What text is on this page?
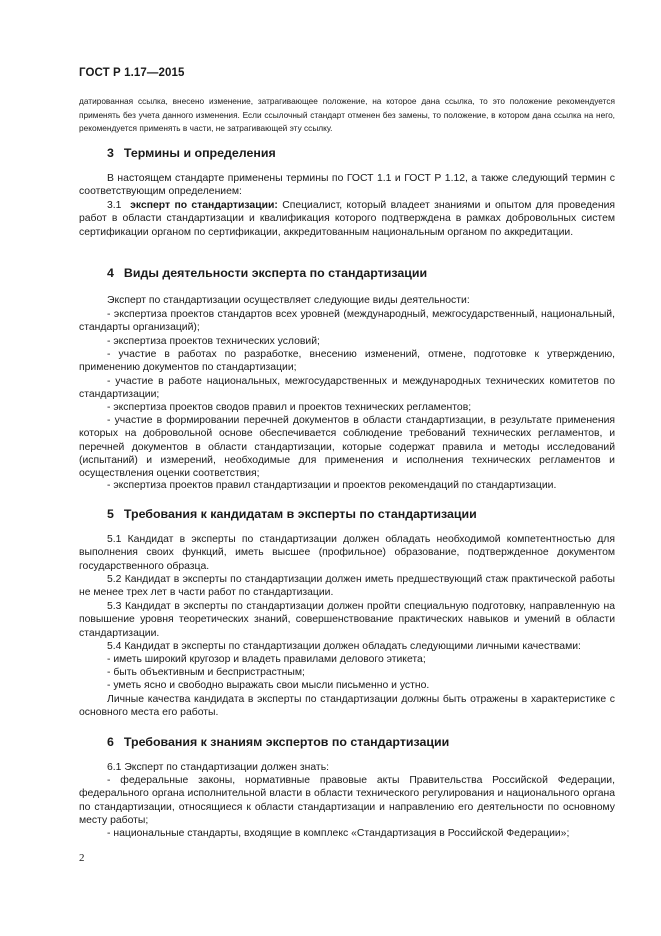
ГОСТ Р 1.17—2015
датированная ссылка, внесено изменение, затрагивающее положение, на которое дана ссылка, то это положение рекомендуется применять без учета данного изменения. Если ссылочный стандарт отменен без замены, то положение, в котором дана ссылка на него, рекомендуется применять в части, не затрагивающей эту ссылку.
3 Термины и определения
В настоящем стандарте применены термины по ГОСТ 1.1 и ГОСТ Р 1.12, а также следующий термин с соответствующим определением:
3.1 эксперт по стандартизации: Специалист, который владеет знаниями и опытом для проведения работ в области стандартизации и квалификация которого подтверждена в рамках добровольных систем сертификации органом по сертификации, аккредитованным национальным органом по аккредитации.
4 Виды деятельности эксперта по стандартизации
Эксперт по стандартизации осуществляет следующие виды деятельности:
- экспертиза проектов стандартов всех уровней (международный, межгосударственный, национальный, стандарты организаций);
- экспертиза проектов технических условий;
- участие в работах по разработке, внесению изменений, отмене, подготовке к утверждению, применению документов по стандартизации;
- участие в работе национальных, межгосударственных и международных технических комитетов по стандартизации;
- экспертиза проектов сводов правил и проектов технических регламентов;
- участие в формировании перечней документов в области стандартизации, в результате применения которых на добровольной основе обеспечивается соблюдение требований технических регламентов, и перечней документов в области стандартизации, которые содержат правила и методы исследований (испытаний) и измерений, необходимые для применения и исполнения технических регламентов и осуществления оценки соответствия;
- экспертиза проектов правил стандартизации и проектов рекомендаций по стандартизации.
5 Требования к кандидатам в эксперты по стандартизации
5.1 Кандидат в эксперты по стандартизации должен обладать необходимой компетентностью для выполнения своих функций, иметь высшее (профильное) образование, подтвержденное документом государственного образца.
5.2 Кандидат в эксперты по стандартизации должен иметь предшествующий стаж практической работы не менее трех лет в части работ по стандартизации.
5.3 Кандидат в эксперты по стандартизации должен пройти специальную подготовку, направленную на повышение уровня теоретических знаний, совершенствование практических навыков и умений в области стандартизации.
5.4 Кандидат в эксперты по стандартизации должен обладать следующими личными качествами:
- иметь широкий кругозор и владеть правилами делового этикета;
- быть объективным и беспристрастным;
- уметь ясно и свободно выражать свои мысли письменно и устно.
Личные качества кандидата в эксперты по стандартизации должны быть отражены в характеристике с основного места его работы.
6 Требования к знаниям экспертов по стандартизации
6.1 Эксперт по стандартизации должен знать:
- федеральные законы, нормативные правовые акты Правительства Российской Федерации, федерального органа исполнительной власти в области технического регулирования и национального органа по стандартизации, относящиеся к области стандартизации и направлению его деятельности по основному месту работы;
- национальные стандарты, входящие в комплекс «Стандартизация в Российской Федерации»;
2
